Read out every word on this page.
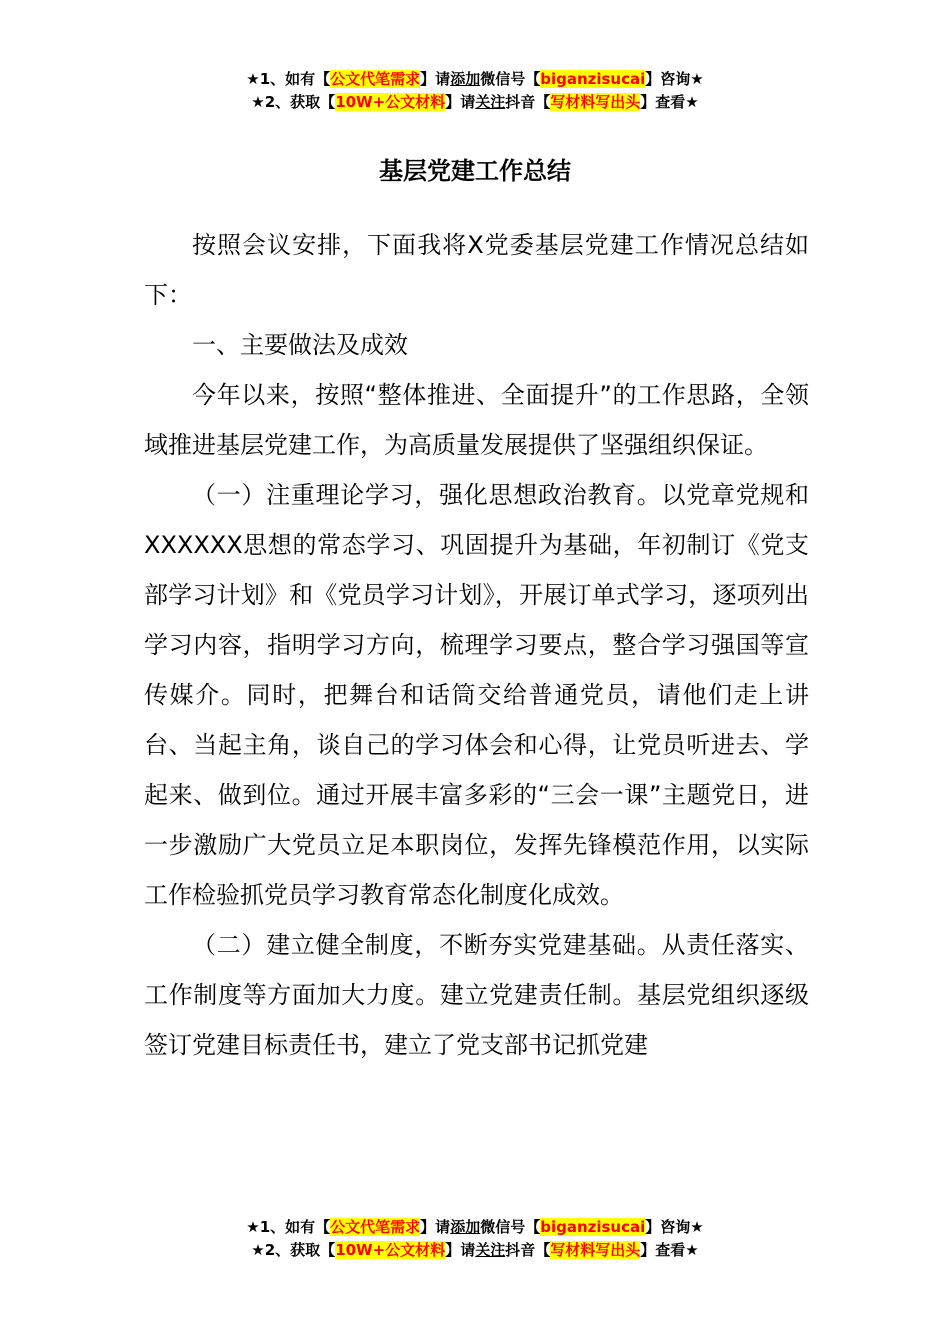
★1、如有【公文代笔需求】请添加微信号【biganzisucai】咨询★
★2、获取【10W+公文材料】请关注抖音【写材料写出头】查看★
基层党建工作总结

按照会议安排，下面我将X党委基层党建工作情况总结如下：

一、主要做法及成效

今年以来，按照“整体推进、全面提升”的工作思路，全领域推进基层党建工作，为高质量发展提供了坚强组织保证。

（一）注重理论学习，强化思想政治教育。以党章党规和XXXXXX思想的常态学习、巩固提升为基础，年初制订《党支部学习计划》和《党员学习计划》，开展订单式学习，逐项列出学习内容，指明学习方向，梳理学习要点，整合学习强国等宣传媒介。同时，把舞台和话筒交给普通党员，请他们走上讲台、当起主角，谈自己的学习体会和心得，让党员听进去、学起来、做到位。通过开展丰富多彩的“三会一课”主题党日，进一步激励广大党员立足本职岗位，发挥先锋模范作用，以实际工作检验抓党员学习教育常态化制度化成效。

（二）建立健全制度，不断夯实党建基础。从责任落实、工作制度等方面加大力度。建立党建责任制。基层党组织逐级签订党建目标责任书，建立了党支部书记抓党建

★1、如有【公文代笔需求】请添加微信号【biganzisucai】咨询★
★2、获取【10W+公文材料】请关注抖音【写材料写出头】查看★
